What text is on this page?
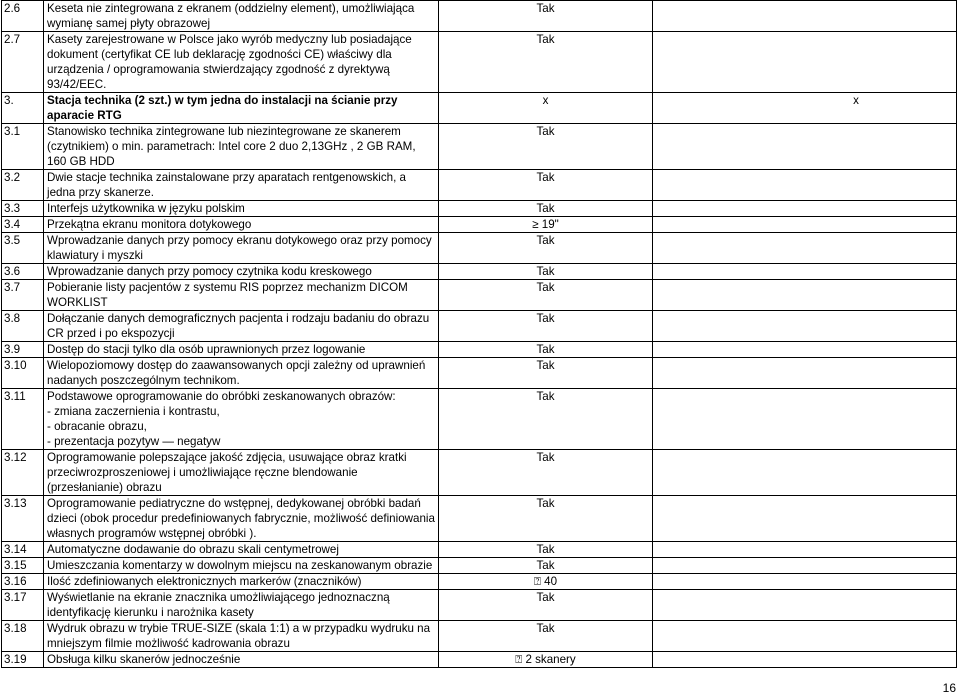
2.6	Keseta nie zintegrowana z ekranem (oddzielny element), umożliwiająca wymianę samej płyty obrazowej	Tak	
2.7	Kasety zarejestrowane w Polsce jako wyrób medyczny lub posiadające dokument (certyfikat CE lub deklarację zgodności CE) właściwy dla urządzenia / oprogramowania stwierdzający zgodność z dyrektywą 93/42/EEC.	Tak	
3.	Stacja technika (2 szt.) w tym jedna do instalacji na ścianie przy aparacie RTG	x	x
3.1	Stanowisko technika zintegrowane lub niezintegrowane ze skanerem (czytnikiem) o min. parametrach: Intel core 2 duo 2,13GHz , 2 GB RAM, 160 GB HDD	Tak	
3.2	Dwie stacje technika zainstalowane przy aparatach rentgenowskich, a jedna przy skanerze.	Tak	
3.3	Interfejs użytkownika w języku polskim	Tak	
3.4	Przekątna ekranu monitora dotykowego	≥ 19"	
3.5	Wprowadzanie danych przy pomocy ekranu dotykowego oraz przy pomocy klawiatury i myszki	Tak	
3.6	Wprowadzanie danych przy pomocy czytnika kodu kreskowego	Tak	
3.7	Pobieranie listy pacjentów z systemu RIS poprzez mechanizm DICOM WORKLIST	Tak	
3.8	Dołączanie danych demograficznych pacjenta i rodzaju badaniu do obrazu CR przed i po ekspozycji	Tak	
3.9	Dostęp do stacji tylko dla osób uprawnionych przez logowanie	Tak	
3.10	Wielopoziomowy dostęp do zaawansowanych opcji zależny od uprawnień nadanych poszczególnym technikom.	Tak	
3.11	Podstawowe oprogramowanie do obróbki zeskanowanych obrazów:
- zmiana zaczernienia i kontrastu,
- obracanie obrazu,
- prezentacja pozytyw — negatyw	Tak	
3.12	Oprogramowanie polepszające jakość zdjęcia, usuwające obraz kratki przeciwrozproszeniowej i umożliwiające ręczne blendowanie (przesłanianie) obrazu	Tak	
3.13	Oprogramowanie pediatryczne do wstępnej, dedykowanej obróbki badań dzieci (obok procedur predefiniowanych fabrycznie, możliwość definiowania własnych programów wstępnej obróbki ).	Tak	
3.14	Automatyczne dodawanie do obrazu skali centymetrowej	Tak	
3.15	Umieszczania komentarzy w dowolnym miejscu na zeskanowanym obrazie	Tak	
3.16	Ilość zdefiniowanych elektronicznych markerów (znaczników)	⍰ 40	
3.17	Wyświetlanie na ekranie znacznika umożliwiającego jednoznaczną identyfikację kierunku i narożnika kasety	Tak	
3.18	Wydruk obrazu w trybie TRUE-SIZE (skala 1:1) a w przypadku wydruku na mniejszym filmie możliwość kadrowania obrazu	Tak	
3.19	Obsługa kilku skanerów jednocześnie	⍰ 2 skanery	
16
